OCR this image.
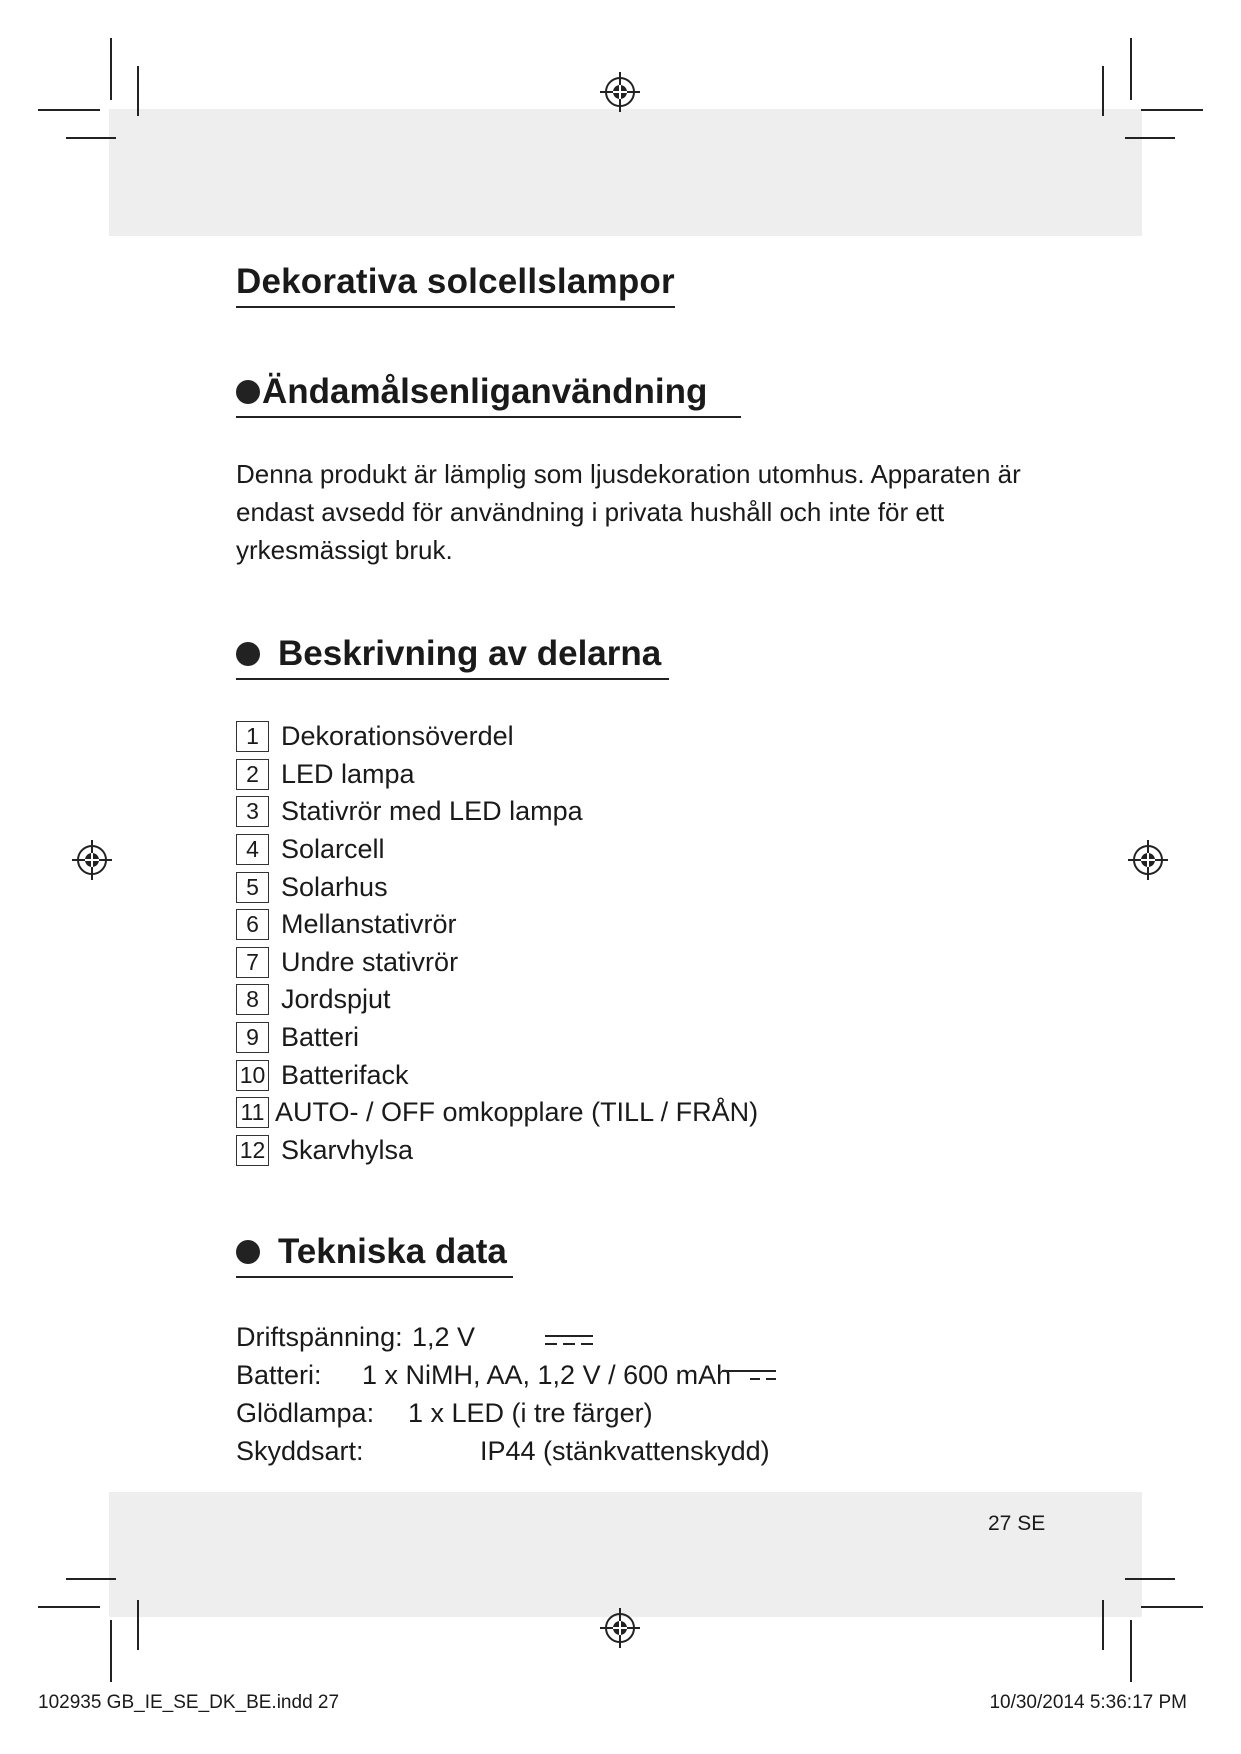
Dekorativa solcellslampor
Ändamålsenliganvändning
Denna produkt är lämplig som ljusdekoration utomhus. Apparaten är endast avsedd för användning i privata hushåll och inte för ett yrkesmässigt bruk.
Beskrivning av delarna
1 Dekorationsöverdel
2 LED lampa
3 Stativrör med LED lampa
4 Solarcell
5 Solarhus
6 Mellanstativrör
7 Undre stativrör
8 Jordspjut
9 Batteri
10 Batterifack
11 AUTO- / OFF omkopplare (TILL / FRÅN)
12 Skarvhylsa
Tekniska data
Driftspänning: 1,2 V
Batteri: 1 x NiMH, AA, 1,2 V / 600 mAh
Glödlampa: 1 x LED (i tre färger)
Skyddsart:	IP44 (stänkvattenskydd)
27 SE
102935 GB_IE_SE_DK_BE.indd 27	10/30/2014 5:36:17 PM
